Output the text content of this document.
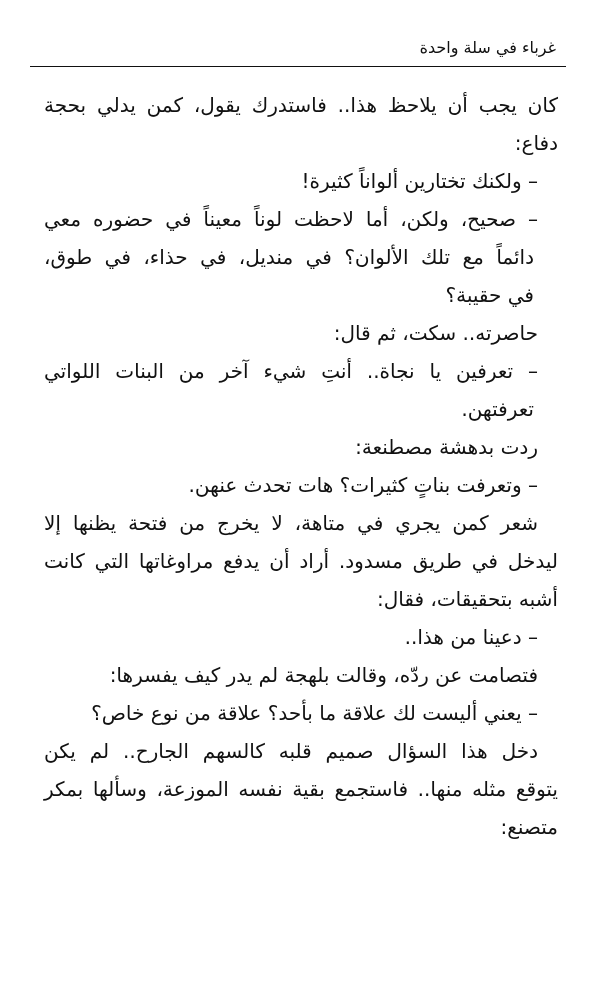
غرباء في سلة واحدة
كان يجب أن يلاحظ هذا.. فاستدرك يقول، كمن يدلي بحجة
دفاع:
– ولكنك تختارين ألواناً كثيرة!
– صحيح، ولكن، أما لاحظت لوناً معيناً في حضوره معي
دائماً مع تلك الألوان؟ في منديل، في حذاء، في طوق،
في حقيبة؟
حاصرته.. سكت، ثم قال:
– تعرفين يا نجاة.. أنتِ شيء آخر من البنات اللواتي
تعرفتهن.
ردت بدهشة مصطنعة:
– وتعرفت بناتٍ كثيرات؟ هات تحدث عنهن.
شعر كمن يجري في متاهة، لا يخرج من فتحة يظنها إلا
ليدخل في طريق مسدود. أراد أن يدفع مراوغاتها التي كانت
أشبه بتحقيقات، فقال:
– دعينا من هذا..
فتصامت عن ردّه، وقالت بلهجة لم يدر كيف يفسرها:
– يعني أليست لك علاقة ما بأحد؟ علاقة من نوع خاص؟
دخل هذا السؤال صميم قلبه كالسهم الجارح.. لم يكن
يتوقع مثله منها.. فاستجمع بقية نفسه الموزعة، وسألها بمكر
متصنع:
